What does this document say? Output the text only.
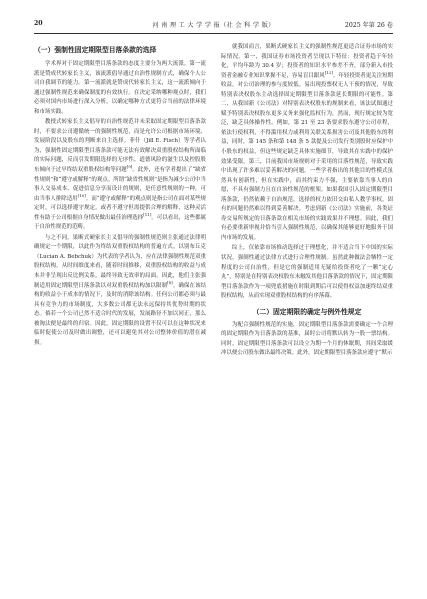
20	河 南 理 工 大 学 学 报（社 会 科 学 版）	2025 年第 26 卷
（一）强制性固定期限型目落条款的选择

学术界对于固定期限型目落条款的态度主要分为两大流派。第一流派是赞成代转家长主义，该流派倡导通过自治性规制方式，确保个人公司自我调节的能力。第一流派就是赞成代转家长主义，这一流派倾向于通过强制性规范来确保制度的有效执行。在决定采纳哪种观点时，我们必须对国内市场进行深入分析，以确定哪种方式更符合当前的法律环境和市场实践。

教授式转家长主义倡导的自治性规范并未采取固定期限型目落条款时，不要求公司遵循统一的强制性规范，而是允许公司根据市场环境、发展阶段以及股东的判断来自主选择。菲什（Jill E. Fisch）等学者认为，强制性固定期限型目落条款可能无法有效解决双重股权结构所面临的实际问题，反而引发期限选择的无序性、道德风险的滋生以及控股股东倾向于过早终结双重股权结构等问题[9]。此外，还有学者提出了“缺省性规则”和“遵守或解释”的观点。所谓“缺省性规则”是指为减少公司中当事人交易成本、促进信息分享而设计的规则，是任意性规则的一种，可由当事人排除适用[10]。而“遵守或解释”的观点则是指公司在面对某些规定时，可以选择遵守规定，或者不遵守但需提供合理的解释，这种灵活性有助于公司根据自身情况做出最佳治理选择[11]。可以看出，这些都属于自治性规范的范畴。

与之不同，果断式硬家长主义倡导的强制性规范则主张通过法律明确规定一个期限，以此作为终结双重股权结构的普遍方式。以别布丘克（Lucian A. Bebchuk）为代表的学者认为，应在法律强制性规范双重股权结构。从时间维度来看，随着时间推移，双重股权结构的收益与成本并非呈现出反比例关系，最终导致无效率的局面。因此，他们主张强制适用固定期限型日落条款以对双重股权结构加以限制[8]。确保在该结构的收益小于成本的情况下，及时的消除该结构。任何公司都必须与最具有竞争力的市场制度，大多数公司都无法永远保持其优势时期的状态。倘若一个公司已然不适合时代的发展，发展路径不加以同正，那么被淘汰便是最终的归宿。因此，固定期限的设置不仅可以在这种状况来临时促使公司及时做出调整，还可以避免其对公司整体价值的潜在减损。

就我国而言，果断式硬家长主义的强制性规范更适合证券市场的实际情况。第一，我国证券市场投资者呈现以下特征：投资者趋于年轻化，平均年龄为 30.4 岁；投资者的知识水平参差不齐，部分新入市投资者金融专业知识掌握不足，容易盲目跟风[12]。年轻投资者更关注短期收益，对公司治理的参与度较低。易出现投票权无人干预的情况，导致特别表决权股东主动选择固定期限型目落条款延长期限的可能性。第二，从我国新《公司法》对特别表决权股东的规制来看，该法试图通过赋予特别表决权股东更多义务来强化监权行为，然而，现行规定较为宽泛，缺乏具体操作性。例如，第 21 至 23 条要求股东遵守公司章程，依法行使权利，不得滥用权力或利用关联关系损害公司及其他股东的利益，同时，第 145 条和第 148 条 5 款提及公司发行类别股时应保护中小股东的权益，但这些规定缺乏具体实施细节，导致其在实践中的保护效果受限。第三，目前我国市场规则对于采用的目落性规范，导致实践中出现了许多难以妥善解决的问题。一些学者指出的其他目的性模式虽然具有创新性，但在实践中，而其约束力不强，主要依靠当事人的自愿，不具有强制力且在自治性规范的框架。如果我国引入固定期限型目落条款，仍然依赖于自治规范，选择的权力依旧交由私人教学事权。固有的问题仍然难以得到妥善解决。考虑到新《公司法》实施前，各类证券交易所规定的日落条款在相关市场的实践效果并不理想。因此，我们有必要重新审视并恰当引入强制性规范，以确保其能够更好地服务于国内市场的发展。

综上，仅依靠市场推动选择过于理想化，并不适合当下中国的实际状况，强制性通过法律方式进行合理性规制。虽然此种做法会牺牲一定程度的公司自治性，但是它的强制适用无疑给投资者吃了一颗“定心丸”，特别是在特别表决权股东未触发其他目落条款的情况下，固定期限型目落条款作为一项兜底措施在时限到期后可以使得权益加速终结双重股权结构，从而实现双重股权结构的有序落幕。

（二）固定期限的确定与例外性规定

为配合强制性规范的实施，固定期限型目落条款需要确定一个合理的固定期限作为日落条款的基准，届时公司将默认转为一股一票结构。同时，固定期限型目落条款可以设立为期一个月的休眠期，其间采取缓冲以便公司股东做出最终决策。此外，固定期限型目落条款应遵守“默示
